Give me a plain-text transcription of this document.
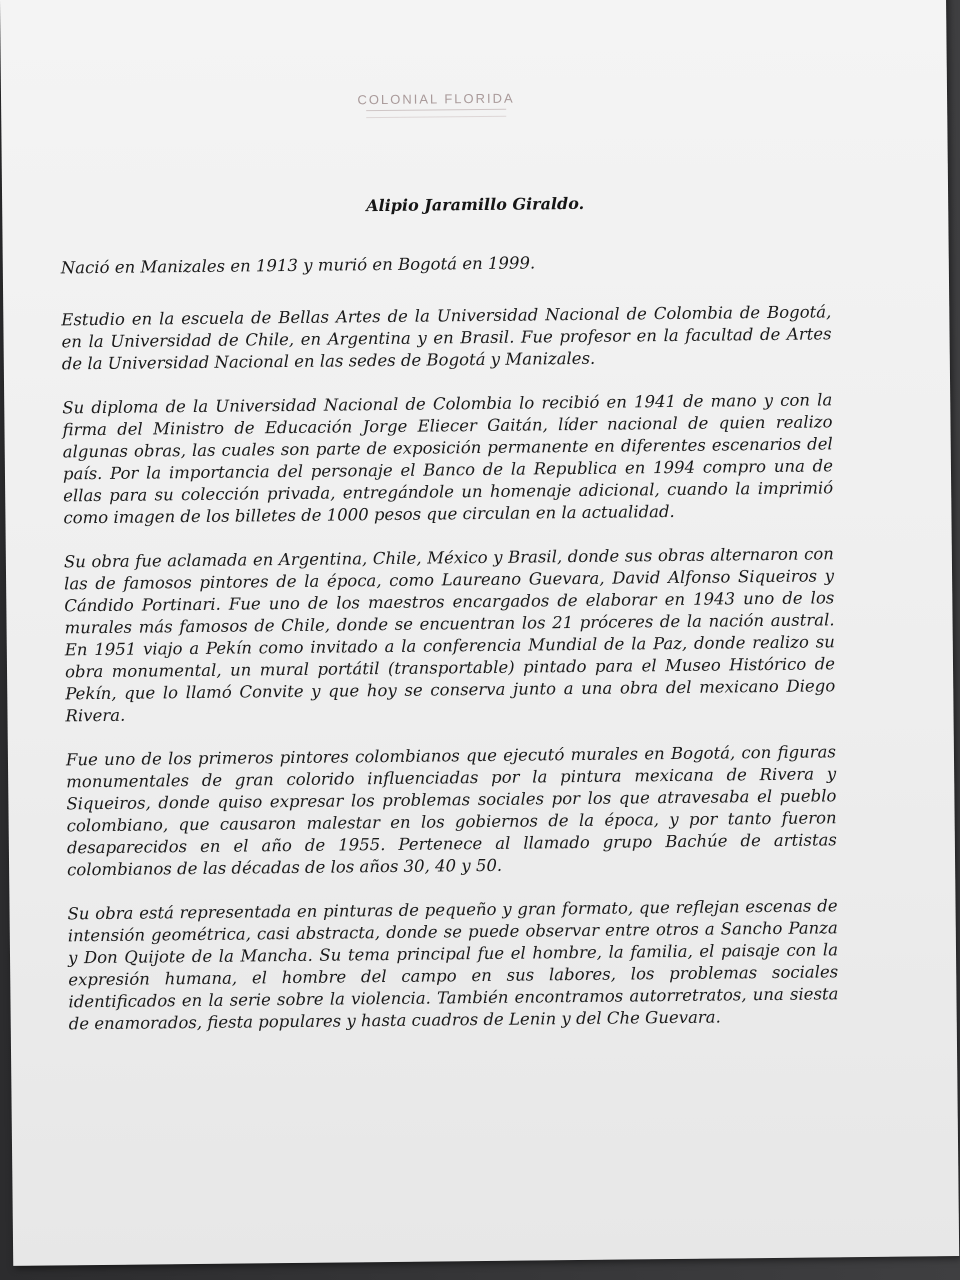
COLONIAL FLORIDA
Alipio Jaramillo Giraldo.

Nació en Manizales en 1913 y murió en Bogotá en 1999.

Estudio en la escuela de Bellas Artes de la Universidad Nacional de Colombia de Bogotá, en la Universidad de Chile, en Argentina y en Brasil. Fue profesor en la facultad de Artes de la Universidad Nacional en las sedes de Bogotá y Manizales.

Su diploma de la Universidad Nacional de Colombia lo recibió en 1941 de mano y con la firma del Ministro de Educación Jorge Eliecer Gaitán, líder nacional de quien realizo algunas obras, las cuales son parte de exposición permanente en diferentes escenarios del país. Por la importancia del personaje el Banco de la Republica en 1994 compro una de ellas para su colección privada, entregándole un homenaje adicional, cuando la imprimió como imagen de los billetes de 1000 pesos que circulan en la actualidad.

Su obra fue aclamada en Argentina, Chile, México y Brasil, donde sus obras alternaron con las de famosos pintores de la época, como Laureano Guevara, David Alfonso Siqueiros y Cándido Portinari. Fue uno de los maestros encargados de elaborar en 1943 uno de los murales más famosos de Chile, donde se encuentran los 21 próceres de la nación austral. En 1951 viajo a Pekín como invitado a la conferencia Mundial de la Paz, donde realizo su obra monumental, un mural portátil (transportable) pintado para el Museo Histórico de Pekín, que lo llamó Convite y que hoy se conserva junto a una obra del mexicano Diego Rivera.

Fue uno de los primeros pintores colombianos que ejecutó murales en Bogotá, con figuras monumentales de gran colorido influenciadas por la pintura mexicana de Rivera y Siqueiros, donde quiso expresar los problemas sociales por los que atravesaba el pueblo colombiano, que causaron malestar en los gobiernos de la época, y por tanto fueron desaparecidos en el año de 1955. Pertenece al llamado grupo Bachúe de artistas colombianos de las décadas de los años 30, 40 y 50.

Su obra está representada en pinturas de pequeño y gran formato, que reflejan escenas de intensión geométrica, casi abstracta, donde se puede observar entre otros a Sancho Panza y Don Quijote de la Mancha. Su tema principal fue el hombre, la familia, el paisaje con la expresión humana, el hombre del campo en sus labores, los problemas sociales identificados en la serie sobre la violencia. También encontramos autorretratos, una siesta de enamorados, fiesta populares y hasta cuadros de Lenin y del Che Guevara.
